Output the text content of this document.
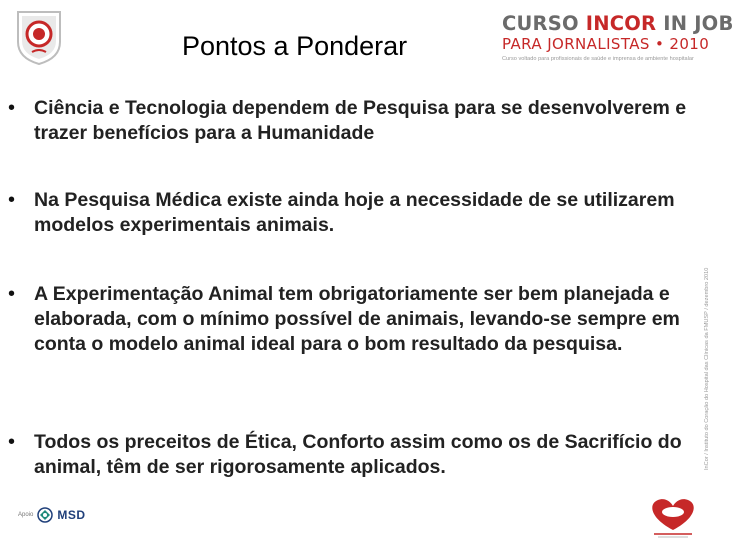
Pontos a Ponderar
CURSO INCOR IN JOB
PARA JORNALISTAS • 2010
Curso voltado para profissionais de saúde e imprensa de ambiente hospitalar
• Ciência e Tecnologia dependem de Pesquisa para se desenvolverem e trazer benefícios para a Humanidade
• Na Pesquisa Médica existe ainda hoje a necessidade de se utilizarem modelos experimentais animais.
• A Experimentação Animal tem obrigatoriamente ser bem planejada e elaborada, com o mínimo possível de animais, levando-se sempre em conta o modelo animal ideal para o bom resultado da pesquisa.
• Todos os preceitos de Ética, Conforto assim como os de Sacrifício do animal, têm de ser rigorosamente aplicados.	InCor / Instituto do Coração do Hospital das Clínicas da FMUSP / dezembro 2010
Apoio MSD
